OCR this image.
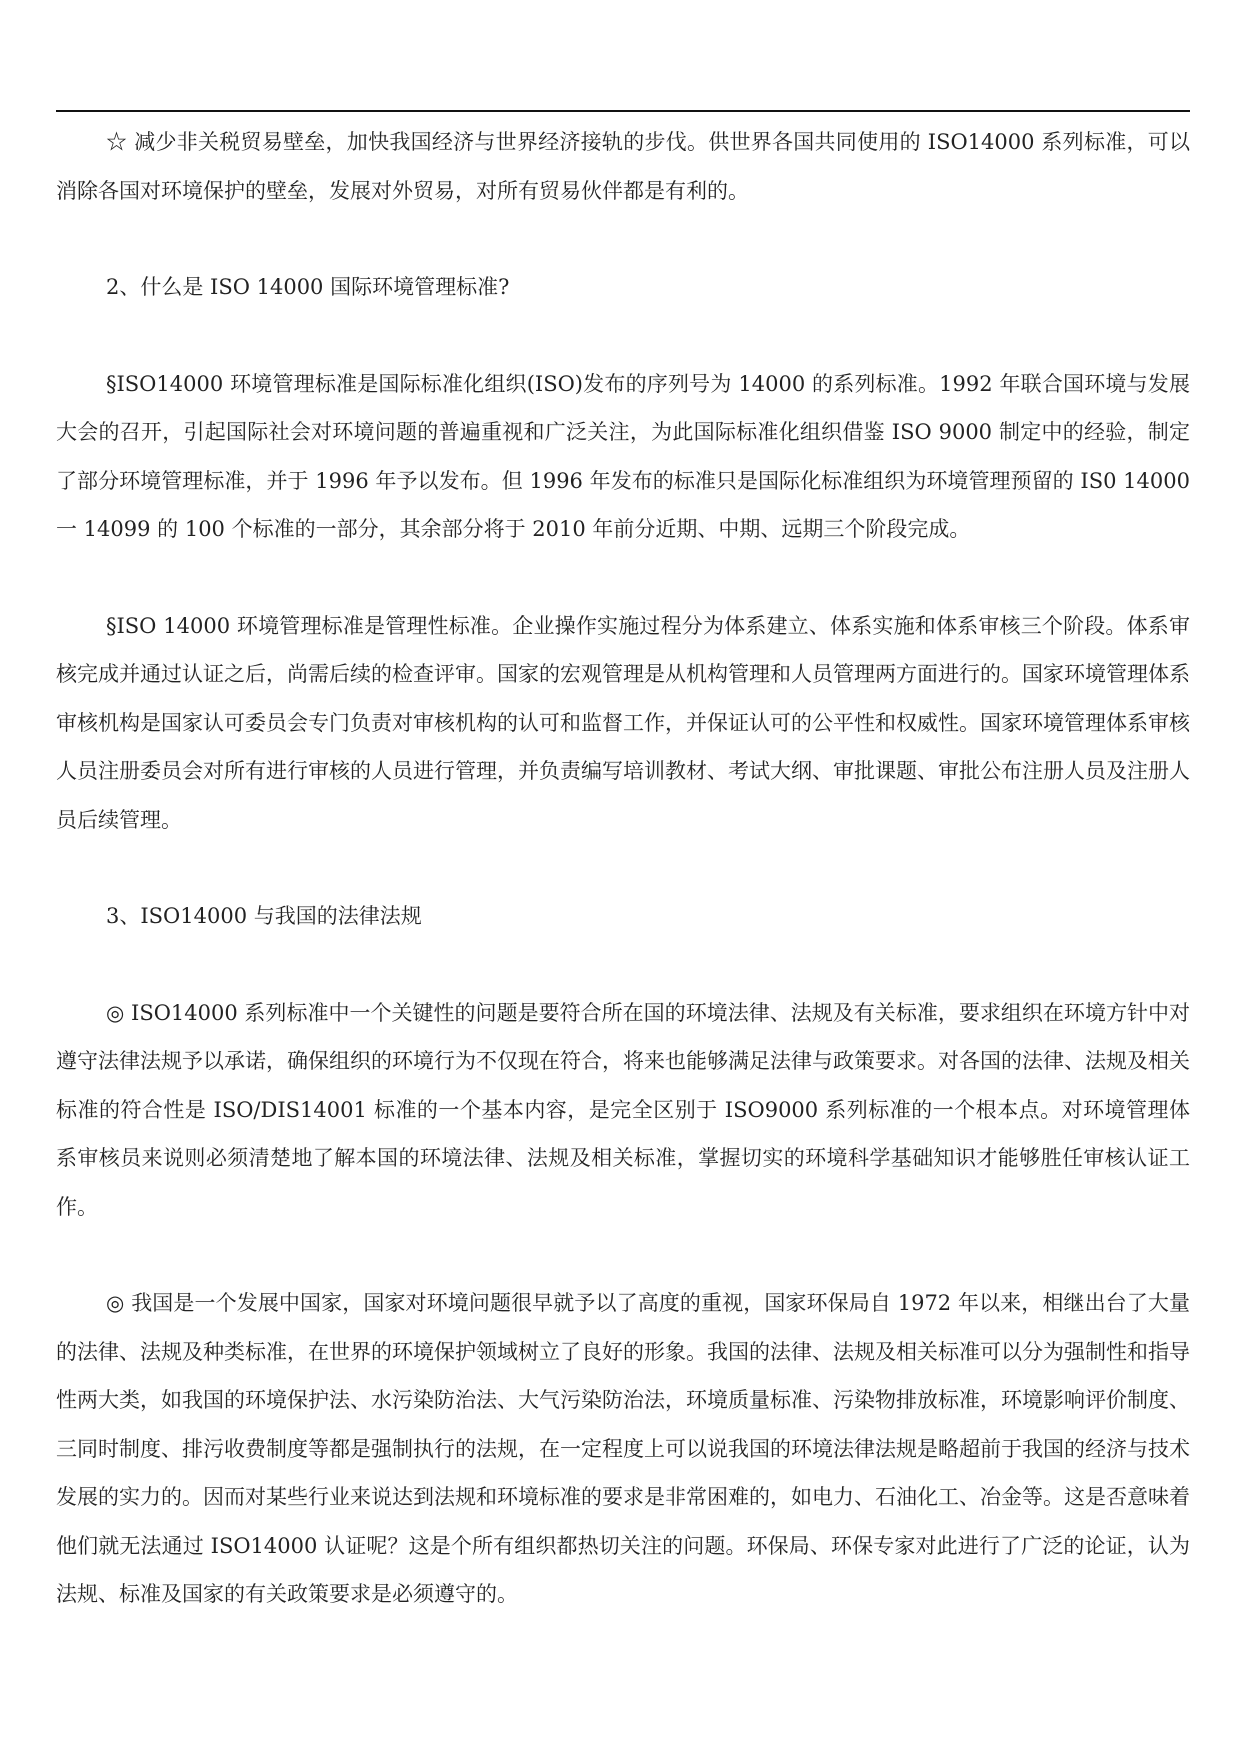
☆ 减少非关税贸易壁垒，加快我国经济与世界经济接轨的步伐。供世界各国共同使用的 ISO14000 系列标准，可以消除各国对环境保护的壁垒，发展对外贸易，对所有贸易伙伴都是有利的。

2、什么是 ISO 14000 国际环境管理标准?

§ISO14000 环境管理标准是国际标准化组织(ISO)发布的序列号为 14000 的系列标准。1992 年联合国环境与发展大会的召开，引起国际社会对环境问题的普遍重视和广泛关注，为此国际标准化组织借鉴 ISO 9000 制定中的经验，制定了部分环境管理标准，并于 1996 年予以发布。但 1996 年发布的标准只是国际化标准组织为环境管理预留的 IS0 14000 一 14099 的 100 个标准的一部分，其余部分将于 2010 年前分近期、中期、远期三个阶段完成。

§ISO 14000 环境管理标准是管理性标准。企业操作实施过程分为体系建立、体系实施和体系审核三个阶段。体系审核完成并通过认证之后，尚需后续的检查评审。国家的宏观管理是从机构管理和人员管理两方面进行的。国家环境管理体系审核机构是国家认可委员会专门负责对审核机构的认可和监督工作，并保证认可的公平性和权威性。国家环境管理体系审核人员注册委员会对所有进行审核的人员进行管理，并负责编写培训教材、考试大纲、审批课题、审批公布注册人员及注册人员后续管理。

3、ISO14000 与我国的法律法规

◎ ISO14000 系列标准中一个关键性的问题是要符合所在国的环境法律、法规及有关标准，要求组织在环境方针中对遵守法律法规予以承诺，确保组织的环境行为不仅现在符合，将来也能够满足法律与政策要求。对各国的法律、法规及相关标准的符合性是 ISO/DIS14001 标准的一个基本内容，是完全区别于 ISO9000 系列标准的一个根本点。对环境管理体系审核员来说则必须清楚地了解本国的环境法律、法规及相关标准，掌握切实的环境科学基础知识才能够胜任审核认证工作。

◎ 我国是一个发展中国家，国家对环境问题很早就予以了高度的重视，国家环保局自 1972 年以来，相继出台了大量的法律、法规及种类标准，在世界的环境保护领域树立了良好的形象。我国的法律、法规及相关标准可以分为强制性和指导性两大类，如我国的环境保护法、水污染防治法、大气污染防治法，环境质量标准、污染物排放标准，环境影响评价制度、三同时制度、排污收费制度等都是强制执行的法规，在一定程度上可以说我国的环境法律法规是略超前于我国的经济与技术发展的实力的。因而对某些行业来说达到法规和环境标准的要求是非常困难的，如电力、石油化工、冶金等。这是否意味着他们就无法通过 ISO14000 认证呢？这是个所有组织都热切关注的问题。环保局、环保专家对此进行了广泛的论证，认为法规、标准及国家的有关政策要求是必须遵守的。
